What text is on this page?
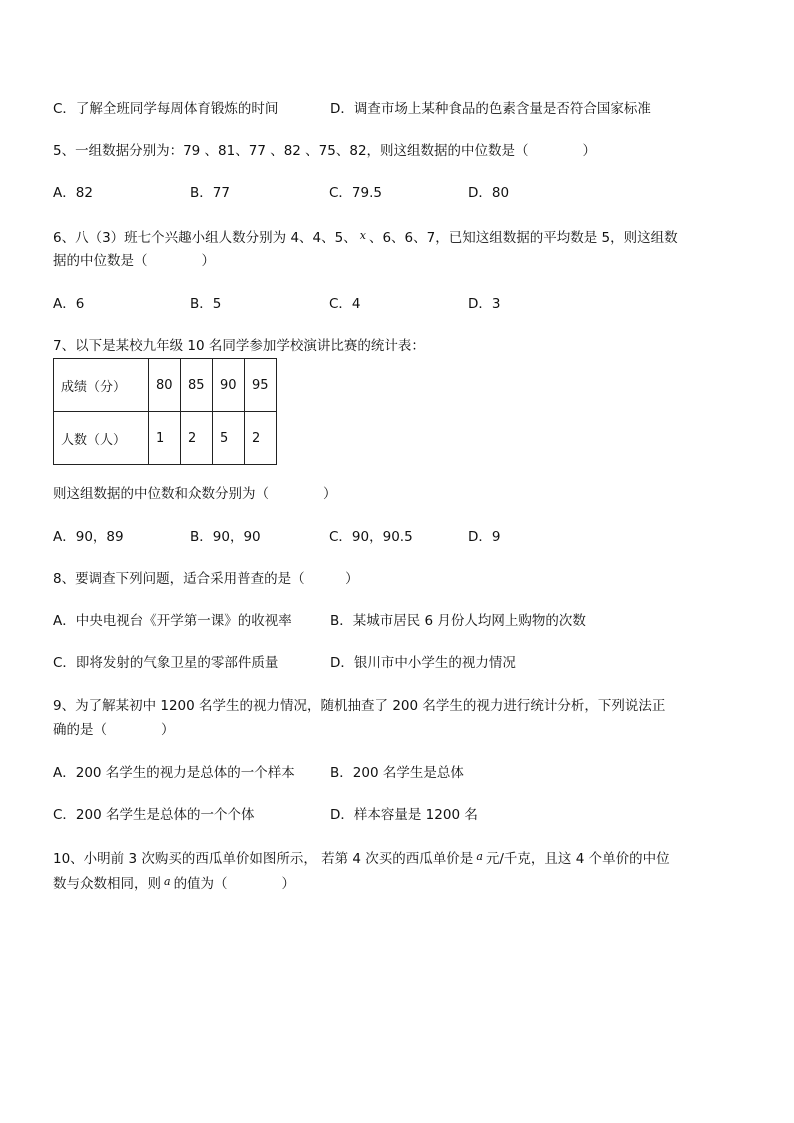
C．了解全班同学每周体育锻炼的时间	D．调查市场上某种食品的色素含量是否符合国家标准
5、一组数据分别为：79 、81、77 、82 、75、82，则这组数据的中位数是（　　　　）
A．82	B．77	C．79.5	D．80
6、八（3）班七个兴趣小组人数分别为 4、4、5、 $^x$ 、6、6、7，已知这组数据的平均数是 5，则这组数
据的中位数是（　　　　）
A．6	B．5	C．4	D．3
7、以下是某校九年级 10 名同学参加学校演讲比赛的统计表：
成绩（分）	80	85	90	95
人数（人）	1	2	5	2
则这组数据的中位数和众数分别为（　　　　）
A．90，89	B．90，90	C．90，90.5	D．9
8、要调查下列问题，适合采用普查的是（　　　）
A．中央电视台《开学第一课》的收视率	B．某城市居民 6 月份人均网上购物的次数
C．即将发射的气象卫星的零部件质量	D．银川市中小学生的视力情况
9、为了解某初中 1200 名学生的视力情况，随机抽查了 200 名学生的视力进行统计分析，下列说法正
确的是（　　　　）
A．200 名学生的视力是总体的一个样本	B．200 名学生是总体
C．200 名学生是总体的一个个体	D．样本容量是 1200 名
10、小明前 3 次购买的西瓜单价如图所示， 若第 4 次买的西瓜单价是 $^a$ 元/千克，且这 4 个单价的中位
数与众数相同，则 $^a$ 的值为（　　　　）
